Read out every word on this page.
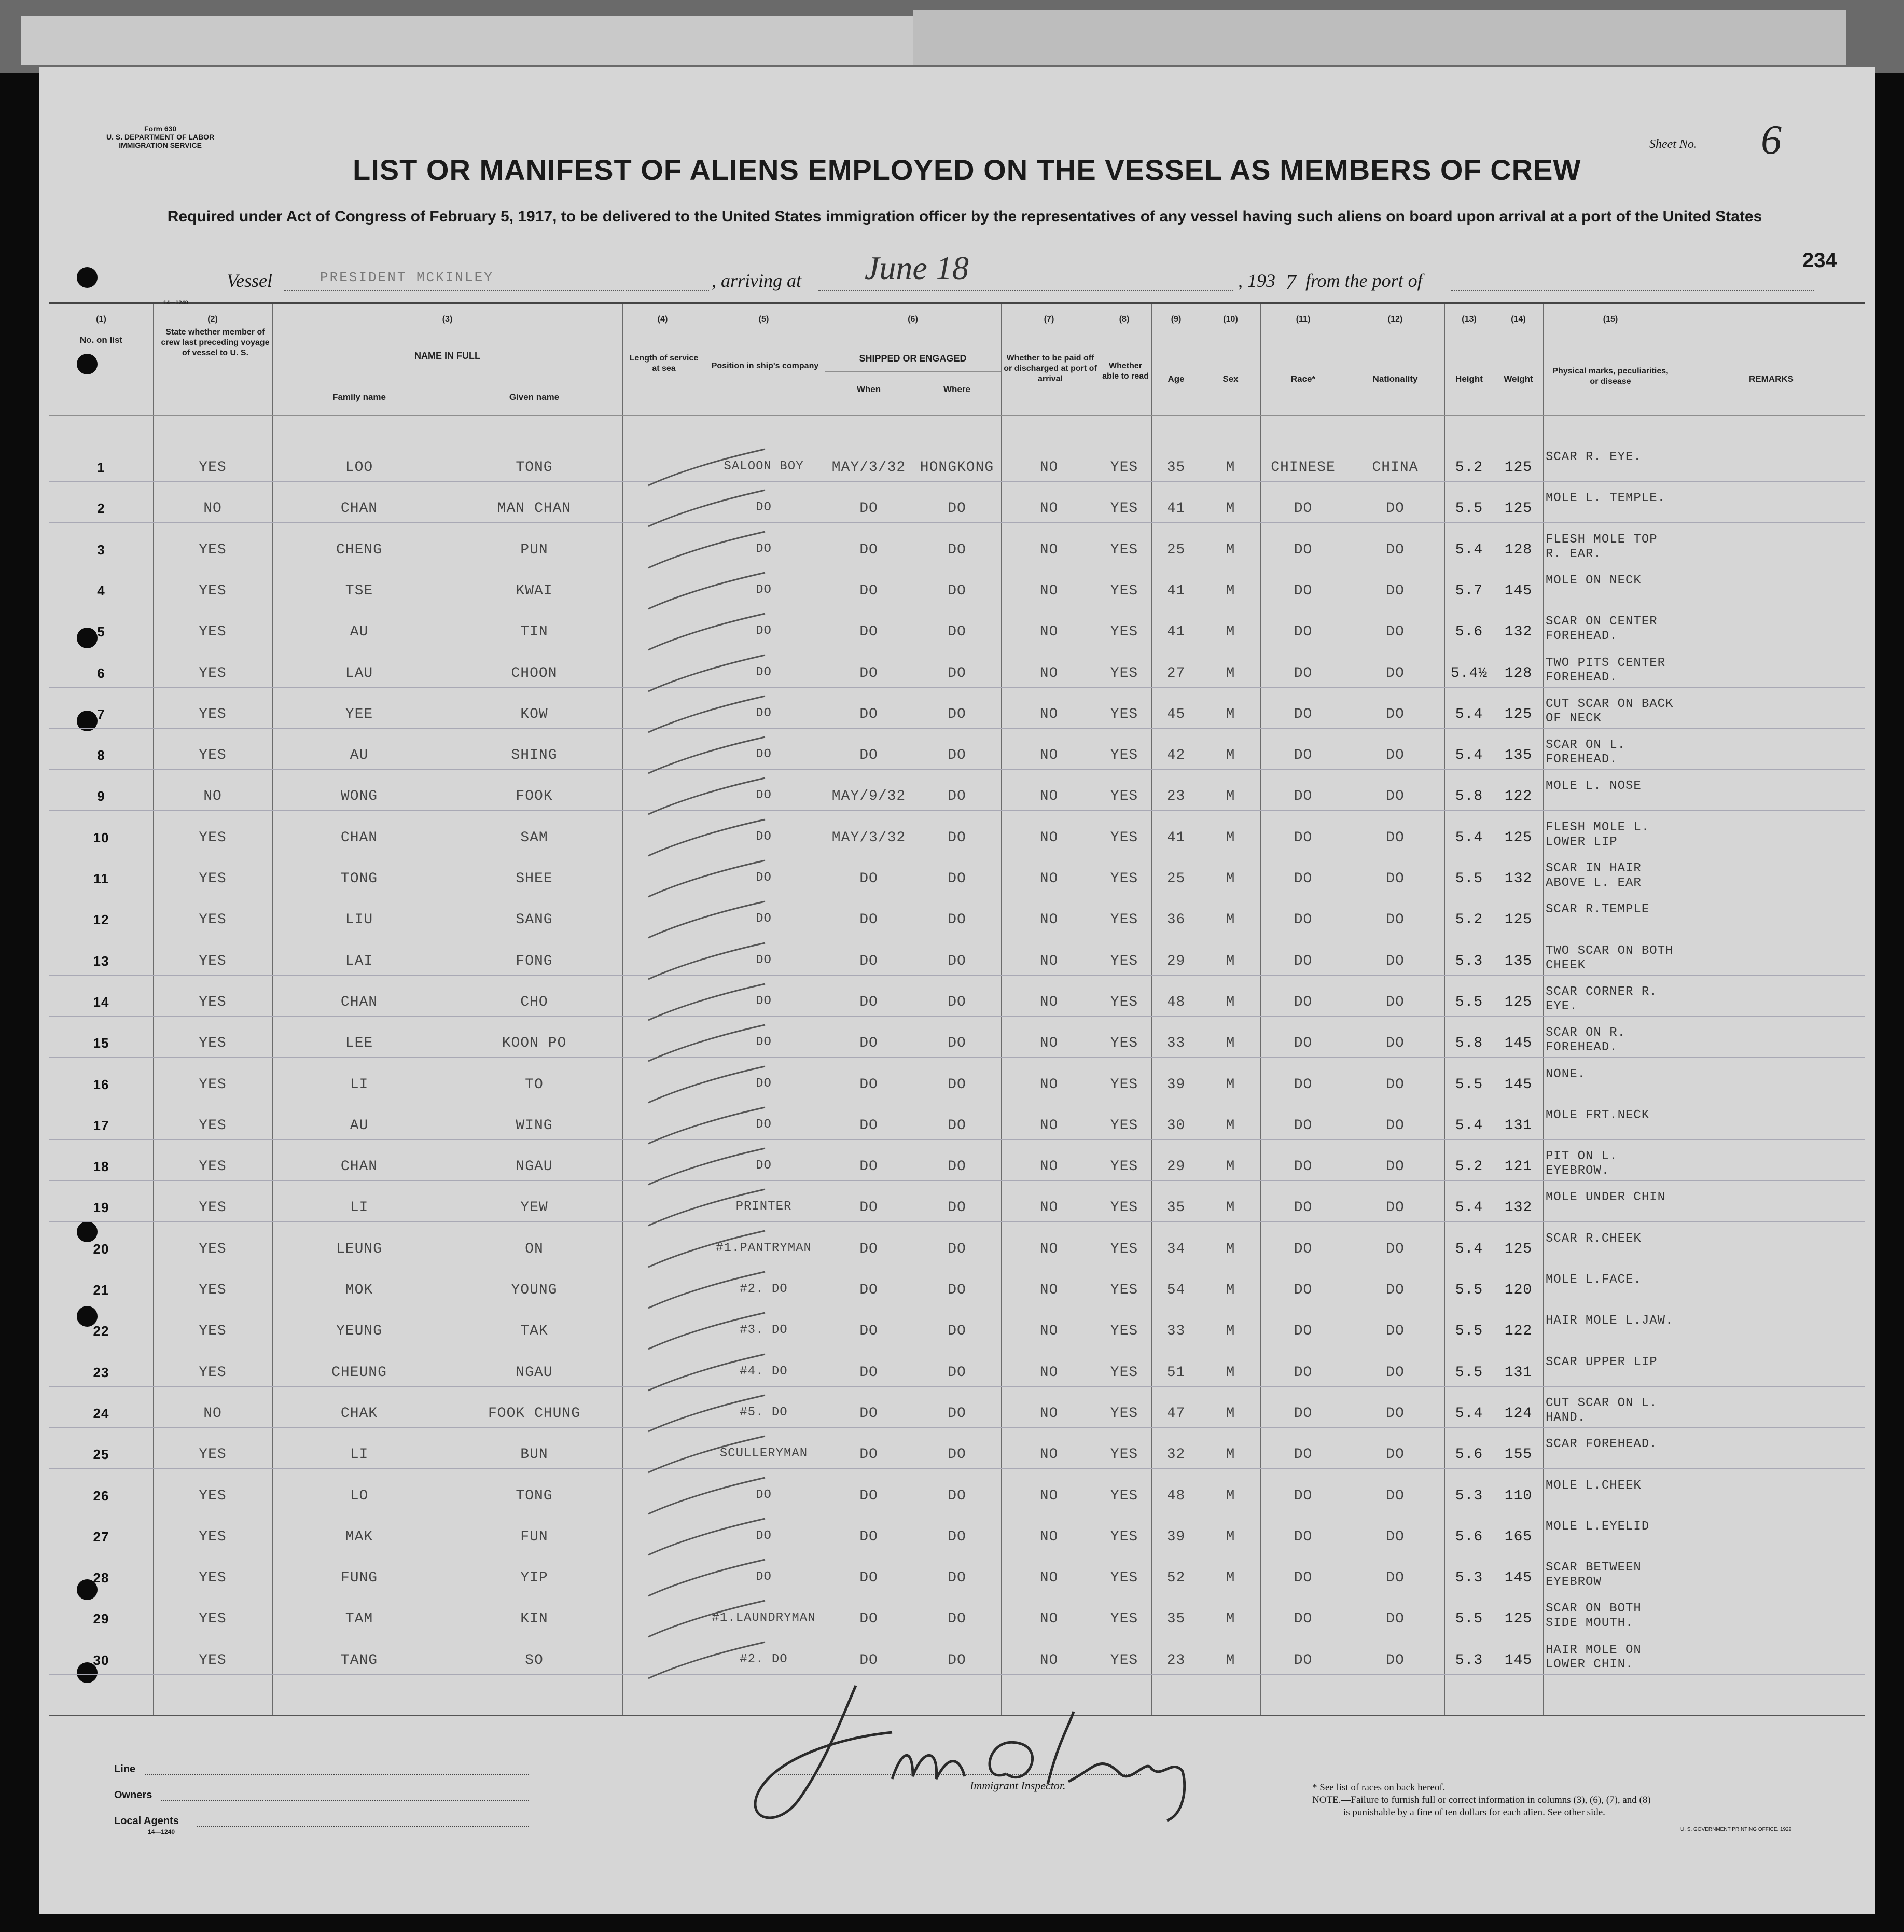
Form 630
U. S. DEPARTMENT OF LABOR
IMMIGRATION SERVICE	Sheet No. 6
234
LIST OR MANIFEST OF ALIENS EMPLOYED ON THE VESSEL AS MEMBERS OF CREW
Required under Act of Congress of February 5, 1917, to be delivered to the United States immigration officer by the representatives of any vessel having such aliens on board upon arrival at a port of the United States
Vessel	PRESIDENT MCKINLEY	, arriving at June 18	, 193 7 from the port of
(1)	(2)	(3)	(4)	(5)	(6)	(7)	(8)	(9)	(10)	(11)	(12)	(13)	(14)	(15)
No. on list
State whether member of crew last preceding voyage of vessel to U. S.	NAME IN FULL
Family name	Given name
Length of service at sea	Position in ship's company
SHIPPED OR ENGAGED
When	Where
Whether to be paid off or discharged at port of arrival
Whether able to read	Age	Sex	Race*	Nationality	Height	Weight
Physical marks, peculiarities, or disease	REMARKS
14—1240
1	YES	LOO	TONG	SALOON BOY	MAY/3/32 HONGKONG	NO	YES	35	M	CHINESE	CHINA	5.2	125
SCAR R. EYE.
2	NO	CHAN	MAN CHAN	DO	DO	DO	NO	YES	41	M	DO	DO	5.5	125
MOLE L. TEMPLE.
3	YES	CHENG	PUN	DO	DO	DO	NO	YES	25	M	DO	DO	5.4	128
FLESH MOLE TOP R. EAR.
4	YES	TSE	KWAI	DO	DO	DO	NO	YES	41	M	DO	DO	5.7	145
MOLE ON NECK
5	YES	AU	TIN	DO	DO	DO	NO	YES	41	M	DO	DO	5.6	132
SCAR ON CENTER FOREHEAD.
6	YES	LAU	CHOON	DO	DO	DO	NO	YES	27	M	DO	DO	5.4½	128
TWO PITS CENTER FOREHEAD.
7	YES	YEE	KOW	DO	DO	DO	NO	YES	45	M	DO	DO	5.4	125
CUT SCAR ON BACK OF NECK
8	YES	AU	SHING	DO	DO	DO	NO	YES	42	M	DO	DO	5.4	135
SCAR ON L. FOREHEAD.
9	NO	WONG	FOOK	DO	MAY/9/32	DO	NO	YES	23	M	DO	DO	5.8	122
MOLE L. NOSE
10	YES	CHAN	SAM	DO	MAY/3/32	DO	NO	YES	41	M	DO	DO	5.4	125
FLESH MOLE L. LOWER LIP
11	YES	TONG	SHEE	DO	DO	DO	NO	YES	25	M	DO	DO	5.5	132
SCAR IN HAIR ABOVE L. EAR
12	YES	LIU	SANG	DO	DO	DO	NO	YES	36	M	DO	DO	5.2	125
SCAR R.TEMPLE
13	YES	LAI	FONG	DO	DO	DO	NO	YES	29	M	DO	DO	5.3	135
TWO SCAR ON BOTH CHEEK
14	YES	CHAN	CHO	DO	DO	DO	NO	YES	48	M	DO	DO	5.5	125
SCAR CORNER R. EYE.
15	YES	LEE	KOON PO	DO	DO	DO	NO	YES	33	M	DO	DO	5.8	145
SCAR ON R. FOREHEAD.
16	YES	LI	TO	DO	DO	DO	NO	YES	39	M	DO	DO	5.5	145
NONE.
17	YES	AU	WING	DO	DO	DO	NO	YES	30	M	DO	DO	5.4	131
MOLE FRT.NECK
18	YES	CHAN	NGAU	DO	DO	DO	NO	YES	29	M	DO	DO	5.2	121
PIT ON L. EYEBROW.
19	YES	LI	YEW	PRINTER	DO	DO	NO	YES	35	M	DO	DO	5.4	132
MOLE UNDER CHIN
20	YES	LEUNG	ON	#1.PANTRYMAN	DO	DO	NO	YES	34	M	DO	DO	5.4	125
SCAR R.CHEEK
21	YES	MOK	YOUNG	#2. DO	DO	DO	NO	YES	54	M	DO	DO	5.5	120
MOLE L.FACE.
22	YES	YEUNG	TAK	#3. DO	DO	DO	NO	YES	33	M	DO	DO	5.5	122
HAIR MOLE L.JAW.
23	YES	CHEUNG	NGAU	#4. DO	DO	DO	NO	YES	51	M	DO	DO	5.5	131
SCAR UPPER LIP
24	NO	CHAK	FOOK CHUNG	#5. DO	DO	DO	NO	YES	47	M	DO	DO	5.4	124
CUT SCAR ON L. HAND.
25	YES	LI	BUN	SCULLERYMAN	DO	DO	NO	YES	32	M	DO	DO	5.6	155
SCAR FOREHEAD.
26	YES	LO	TONG	DO	DO	DO	NO	YES	48	M	DO	DO	5.3	110
MOLE L.CHEEK
27	YES	MAK	FUN	DO	DO	DO	NO	YES	39	M	DO	DO	5.6	165
MOLE L.EYELID
28	YES	FUNG	YIP	DO	DO	DO	NO	YES	52	M	DO	DO	5.3	145
SCAR BETWEEN EYEBROW
29	YES	TAM	KIN	#1.LAUNDRYMAN	DO	DO	NO	YES	35	M	DO	DO	5.5	125
SCAR ON BOTH SIDE MOUTH.
30	YES	TANG	SO	#2. DO	DO	DO	NO	YES	23	M	DO	DO	5.3	145
HAIR MOLE ON LOWER CHIN.
Line
Owners
Local Agents
14—1240
Immigrant Inspector.	* See list of races on back hereof.
NOTE.—Failure to furnish full or correct information in columns (3), (6), (7), and (8)
is punishable by a fine of ten dollars for each alien. See other side.
U. S. GOVERNMENT PRINTING OFFICE. 1929
